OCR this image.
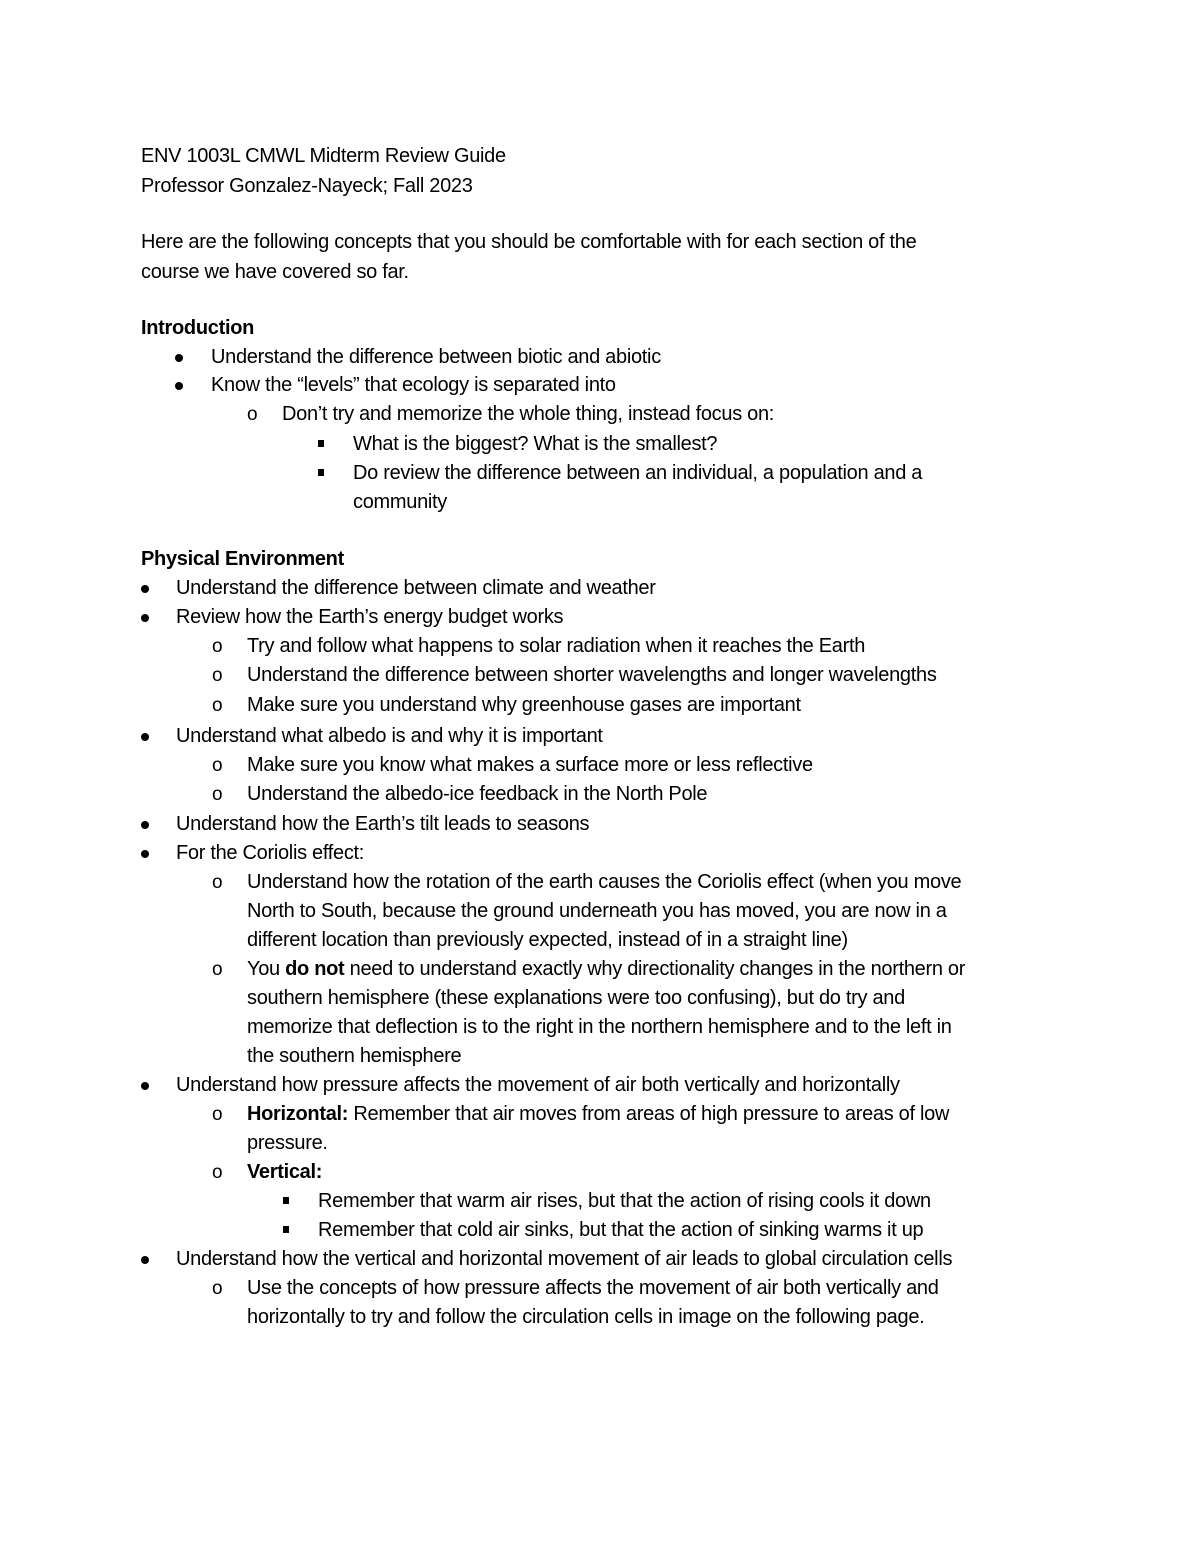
ENV 1003L CMWL Midterm Review Guide
Professor Gonzalez-Nayeck; Fall 2023
Here are the following concepts that you should be comfortable with for each section of the
course we have covered so far.
Introduction
Understand the difference between biotic and abiotic
Know the “levels” that ecology is separated into
o Don’t try and memorize the whole thing, instead focus on:
What is the biggest? What is the smallest?
Do review the difference between an individual, a population and a
community
Physical Environment
Understand the difference between climate and weather
Review how the Earth’s energy budget works
o Try and follow what happens to solar radiation when it reaches the Earth
o Understand the difference between shorter wavelengths and longer wavelengths
o Make sure you understand why greenhouse gases are important
Understand what albedo is and why it is important
o Make sure you know what makes a surface more or less reflective
o Understand the albedo-ice feedback in the North Pole
Understand how the Earth’s tilt leads to seasons
For the Coriolis effect:
o Understand how the rotation of the earth causes the Coriolis effect (when you move
North to South, because the ground underneath you has moved, you are now in a
different location than previously expected, instead of in a straight line)
o You do not need to understand exactly why directionality changes in the northern or
southern hemisphere (these explanations were too confusing), but do try and
memorize that deflection is to the right in the northern hemisphere and to the left in
the southern hemisphere
Understand how pressure affects the movement of air both vertically and horizontally
o Horizontal: Remember that air moves from areas of high pressure to areas of low
pressure.
o Vertical:
Remember that warm air rises, but that the action of rising cools it down
Remember that cold air sinks, but that the action of sinking warms it up
Understand how the vertical and horizontal movement of air leads to global circulation cells
o Use the concepts of how pressure affects the movement of air both vertically and
horizontally to try and follow the circulation cells in image on the following page.
